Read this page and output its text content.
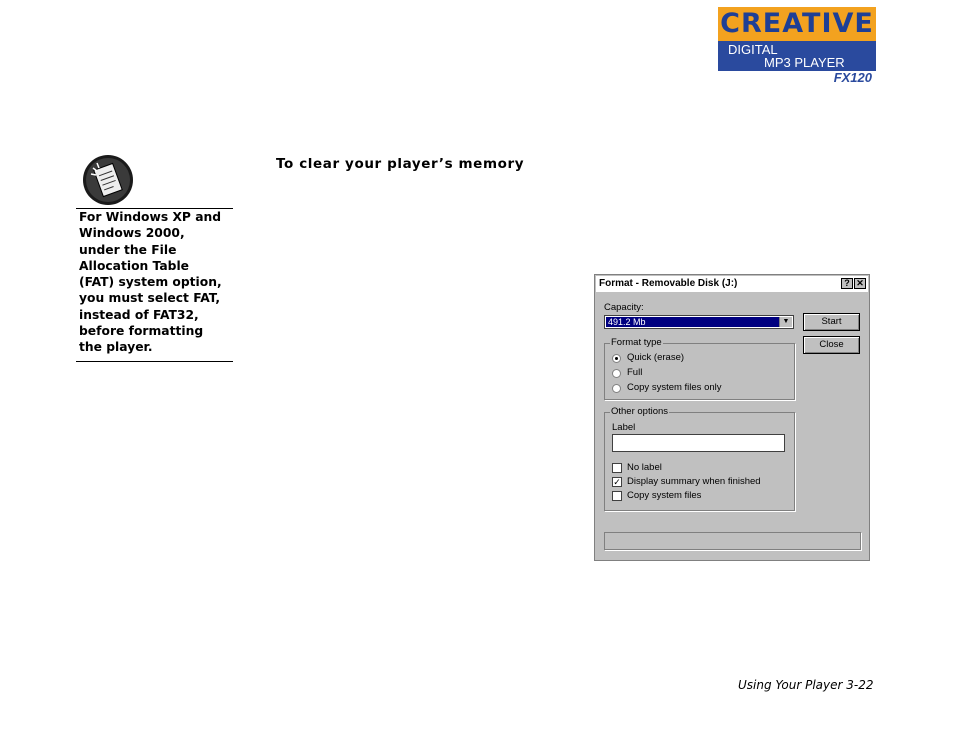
CREATIVE
DIGITAL
MP3 PLAYER
FX120
For Windows XP and
Windows 2000,
under the File
Allocation Table
(FAT) system option,
you must select FAT,
instead of FAT32,
before formatting
the player.
To clear your player’s memory
Format - Removable Disk (J:)	? ✕
Capacity:
491.2 Mb	▼	Start
Close
Format type
Quick (erase)
Full
Copy system files only
Other options
Label
No label
✓ Display summary when finished
Copy system files
Using Your Player 3-22
